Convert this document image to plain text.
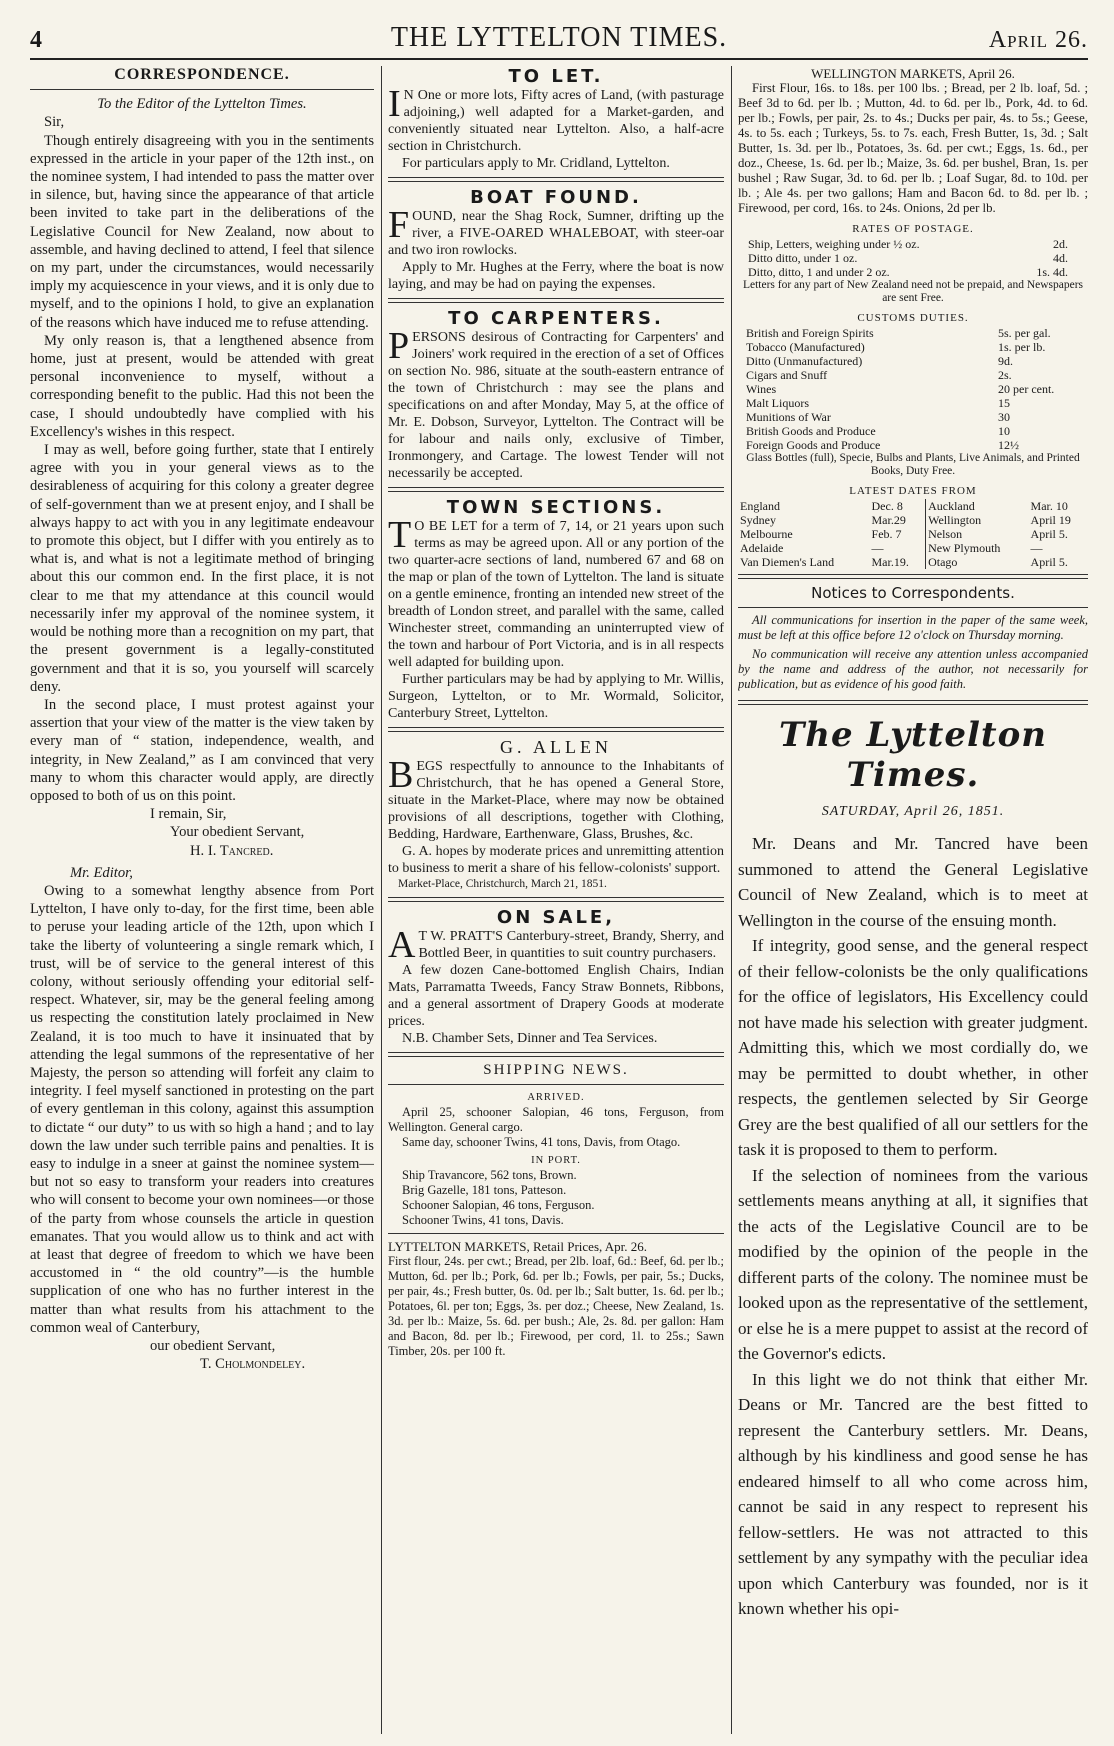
4	THE LYTTELTON TIMES.	April 26.
CORRESPONDENCE.

To the Editor of the Lyttelton Times.

Sir,

Though entirely disagreeing with you in the sentiments expressed in the article in your paper of the 12th inst., on the nominee system, I had intended to pass the matter over in silence, but, having since the appearance of that article been invited to take part in the deliberations of the Legislative Council for New Zealand, now about to assemble, and having declined to attend, I feel that silence on my part, under the circumstances, would necessarily imply my acquiescence in your views, and it is only due to myself, and to the opinions I hold, to give an explanation of the reasons which have induced me to refuse attending.

My only reason is, that a lengthened absence from home, just at present, would be attended with great personal inconvenience to myself, without a corresponding benefit to the public. Had this not been the case, I should undoubtedly have complied with his Excellency's wishes in this respect.

I may as well, before going further, state that I entirely agree with you in your general views as to the desirableness of acquiring for this colony a greater degree of self-government than we at present enjoy, and I shall be always happy to act with you in any legitimate endeavour to promote this object, but I differ with you entirely as to what is, and what is not a legitimate method of bringing about this our common end. In the first place, it is not clear to me that my attendance at this council would necessarily infer my approval of the nominee system, it would be nothing more than a recognition on my part, that the present government is a legally-constituted government and that it is so, you yourself will scarcely deny.

In the second place, I must protest against your assertion that your view of the matter is the view taken by every man of “ station, independence, wealth, and integrity, in New Zealand,” as I am convinced that very many to whom this character would apply, are directly opposed to both of us on this point.

I remain, Sir,

Your obedient Servant,

H. I. Tancred.

Mr. Editor,

Owing to a somewhat lengthy absence from Port Lyttelton, I have only to-day, for the first time, been able to peruse your leading article of the 12th, upon which I take the liberty of volunteering a single remark which, I trust, will be of service to the general interest of this colony, without seriously offending your editorial self-respect. Whatever, sir, may be the general feeling among us respecting the constitution lately proclaimed in New Zealand, it is too much to have it insinuated that by attending the legal summons of the representative of her Majesty, the person so attending will forfeit any claim to integrity. I feel myself sanctioned in protesting on the part of every gentleman in this colony, against this assumption to dictate “ our duty” to us with so high a hand ; and to lay down the law under such terrible pains and penalties. It is easy to indulge in a sneer at gainst the nominee system—but not so easy to transform your readers into creatures who will consent to become your own nominees—or those of the party from whose counsels the article in question emanates. That you would allow us to think and act with at least that degree of freedom to which we have been accustomed in “ the old country”—is the humble supplication of one who has no further interest in the matter than what results from his attachment to the common weal of Canterbury,

our obedient Servant,

T. Cholmondeley.

TO LET.

I N One or more lots, Fifty acres of Land, (with pasturage adjoining,) well adapted for a Market-garden, and conveniently situated near Lyttelton. Also, a half-acre section in Christchurch.

For particulars apply to Mr. Cridland, Lyttelton.

BOAT FOUND.

FOUND, near the Shag Rock, Sumner, drifting up the river, a FIVE-OARED WHALEBOAT, with steer-oar and two iron rowlocks.

Apply to Mr. Hughes at the Ferry, where the boat is now laying, and may be had on paying the expenses.

TO CARPENTERS.

PERSONS desirous of Contracting for Carpenters' and Joiners' work required in the erection of a set of Offices on section No. 986, situate at the south-eastern entrance of the town of Christchurch : may see the plans and specifications on and after Monday, May 5, at the office of Mr. E. Dobson, Surveyor, Lyttelton. The Contract will be for labour and nails only, exclusive of Timber, Ironmongery, and Cartage. The lowest Tender will not necessarily be accepted.

TOWN SECTIONS.

T O BE LET for a term of 7, 14, or 21 years upon such terms as may be agreed upon. All or any portion of the two quarter-acre sections of land, numbered 67 and 68 on the map or plan of the town of Lyttelton. The land is situate on a gentle eminence, fronting an intended new street of the breadth of London street, and parallel with the same, called Winchester street, commanding an uninterrupted view of the town and harbour of Port Victoria, and is in all respects well adapted for building upon.

Further particulars may be had by applying to Mr. Willis, Surgeon, Lyttelton, or to Mr. Wormald, Solicitor, Canterbury Street, Lyttelton.

G. ALLEN

BEGS respectfully to announce to the Inhabitants of Christchurch, that he has opened a General Store, situate in the Market-Place, where may now be obtained provisions of all descriptions, together with Clothing, Bedding, Hardware, Earthenware, Glass, Brushes, &c.

G. A. hopes by moderate prices and unremitting attention to business to merit a share of his fellow-colonists' support.

Market-Place, Christchurch, March 21, 1851.

ON SALE,

A T W. PRATT'S Canterbury-street, Brandy, Sherry, and Bottled Beer, in quantities to suit country purchasers.

A few dozen Cane-bottomed English Chairs, Indian Mats, Parramatta Tweeds, Fancy Straw Bonnets, Ribbons, and a general assortment of Drapery Goods at moderate prices.

N.B. Chamber Sets, Dinner and Tea Services.

SHIPPING NEWS.

ARRIVED.

April 25, schooner Salopian, 46 tons, Ferguson, from Wellington. General cargo.

Same day, schooner Twins, 41 tons, Davis, from Otago.

IN PORT.

Ship Travancore, 562 tons, Brown.

Brig Gazelle, 181 tons, Patteson.

Schooner Salopian, 46 tons, Ferguson.

Schooner Twins, 41 tons, Davis.

LYTTELTON MARKETS, Retail Prices, Apr. 26.

First flour, 24s. per cwt.; Bread, per 2lb. loaf, 6d.: Beef, 6d. per lb.; Mutton, 6d. per lb.; Pork, 6d. per lb.; Fowls, per pair, 5s.; Ducks, per pair, 4s.; Fresh butter, 0s. 0d. per lb.; Salt butter, 1s. 6d. per lb.; Potatoes, 6l. per ton; Eggs, 3s. per doz.; Cheese, New Zealand, 1s. 3d. per lb.: Maize, 5s. 6d. per bush.; Ale, 2s. 8d. per gallon: Ham and Bacon, 8d. per lb.; Firewood, per cord, 1l. to 25s.; Sawn Timber, 20s. per 100 ft.

WELLINGTON MARKETS, April 26.

First Flour, 16s. to 18s. per 100 lbs. ; Bread, per 2 lb. loaf, 5d. ; Beef 3d to 6d. per lb. ; Mutton, 4d. to 6d. per lb., Pork, 4d. to 6d. per lb.; Fowls, per pair, 2s. to 4s.; Ducks per pair, 4s. to 5s.; Geese, 4s. to 5s. each ; Turkeys, 5s. to 7s. each, Fresh Butter, 1s, 3d. ; Salt Butter, 1s. 3d. per lb., Potatoes, 3s. 6d. per cwt.; Eggs, 1s. 6d., per doz., Cheese, 1s. 6d. per lb.; Maize, 3s. 6d. per bushel, Bran, 1s. per bushel ; Raw Sugar, 3d. to 6d. per lb. ; Loaf Sugar, 8d. to 10d. per lb. ; Ale 4s. per two gallons; Ham and Bacon 6d. to 8d. per lb. ; Firewood, per cord, 16s. to 24s. Onions, 2d per lb.

RATES OF POSTAGE.

Ship, Letters, weighing under ½ oz.	2d.
Ditto ditto, under 1 oz.	4d.
Ditto, ditto, 1 and under 2 oz.	1s. 4d.

Letters for any part of New Zealand need not be prepaid, and Newspapers are sent Free.

CUSTOMS DUTIES.

British and Foreign Spirits	5s. per gal.
Tobacco (Manufactured)	1s. per lb.
Ditto (Unmanufactured)	9d.
Cigars and Snuff	2s.
Wines	20 per cent.
Malt Liquors	15
Munitions of War	30
British Goods and Produce	10
Foreign Goods and Produce	12½

Glass Bottles (full), Specie, Bulbs and Plants, Live Animals, and Printed Books, Duty Free.

LATEST DATES FROM

England	Dec. 8	Auckland	Mar. 10
Sydney	Mar.29	Wellington	April 19
Melbourne	Feb. 7	Nelson	April 5.
Adelaide	—	New Plymouth	—
Van Diemen's Land	Mar.19.	Otago	April 5.
Notices to Correspondents.

All communications for insertion in the paper of the same week, must be left at this office before 12 o'clock on Thursday morning.

No communication will receive any attention unless accompanied by the name and address of the author, not necessarily for publication, but as evidence of his good faith.

The Lyttelton Times.

SATURDAY, April 26, 1851.

Mr. Deans and Mr. Tancred have been summoned to attend the General Legislative Council of New Zealand, which is to meet at Wellington in the course of the ensuing month.

If integrity, good sense, and the general respect of their fellow-colonists be the only qualifications for the office of legislators, His Excellency could not have made his selection with greater judgment. Admitting this, which we most cordially do, we may be permitted to doubt whether, in other respects, the gentlemen selected by Sir George Grey are the best qualified of all our settlers for the task it is proposed to them to perform.

If the selection of nominees from the various settlements means anything at all, it signifies that the acts of the Legislative Council are to be modified by the opinion of the people in the different parts of the colony. The nominee must be looked upon as the representative of the settlement, or else he is a mere puppet to assist at the record of the Governor's edicts.

In this light we do not think that either Mr. Deans or Mr. Tancred are the best fitted to represent the Canterbury settlers. Mr. Deans, although by his kindliness and good sense he has endeared himself to all who come across him, cannot be said in any respect to represent his fellow-settlers. He was not attracted to this settlement by any sympathy with the peculiar idea upon which Canterbury was founded, nor is it known whether his opi-
